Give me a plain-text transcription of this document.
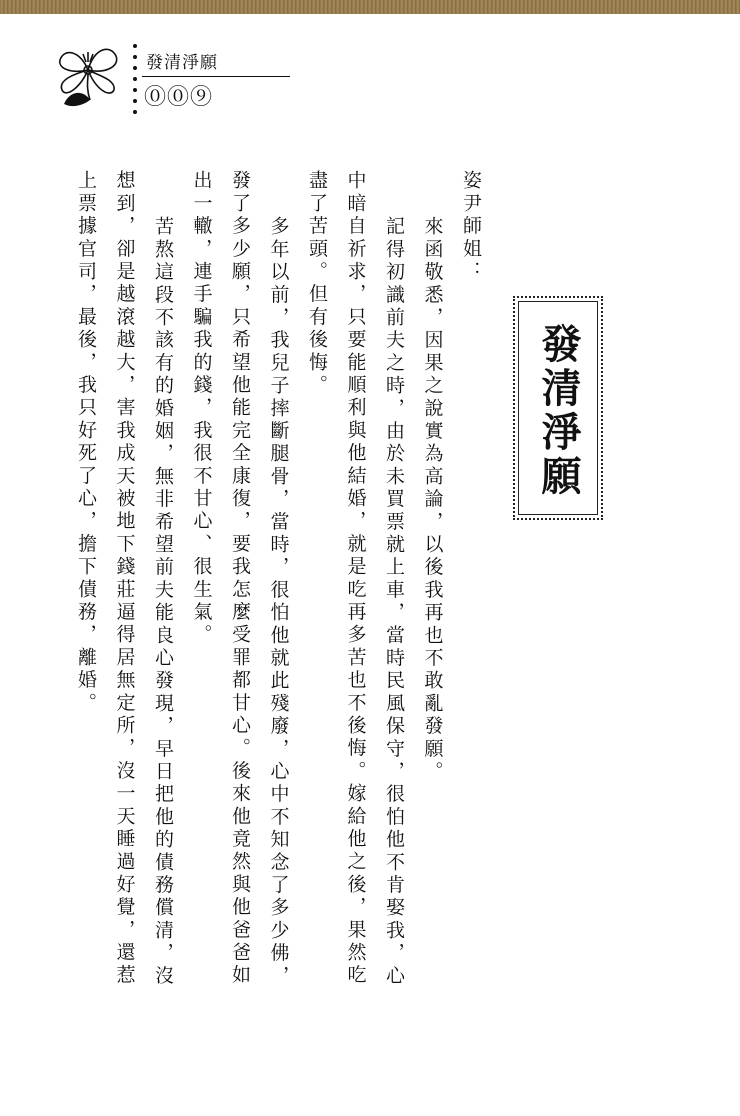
發清淨願
⓪⓪⑨
發清淨願
姿尹師姐：
來函敬悉，因果之說實為高論，以後我再也不敢亂發願。
記得初識前夫之時，由於未買票就上車，當時民風保守，很怕他不肯娶我，心
中暗自祈求，只要能順利與他結婚，就是吃再多苦也不後悔。嫁給他之後，果然吃
盡了苦頭。但有後悔。
多年以前，我兒子摔斷腿骨，當時，很怕他就此殘廢，心中不知念了多少佛，
發了多少願，只希望他能完全康復，要我怎麼受罪都甘心。後來他竟然與他爸爸如
出一轍，連手騙我的錢，我很不甘心、很生氣。
苦熬這段不該有的婚姻，無非希望前夫能良心發現，早日把他的債務償清，沒
想到，卻是越滾越大，害我成天被地下錢莊逼得居無定所，沒一天睡過好覺，還惹
上票據官司，最後，我只好死了心，擔下債務，離婚。
